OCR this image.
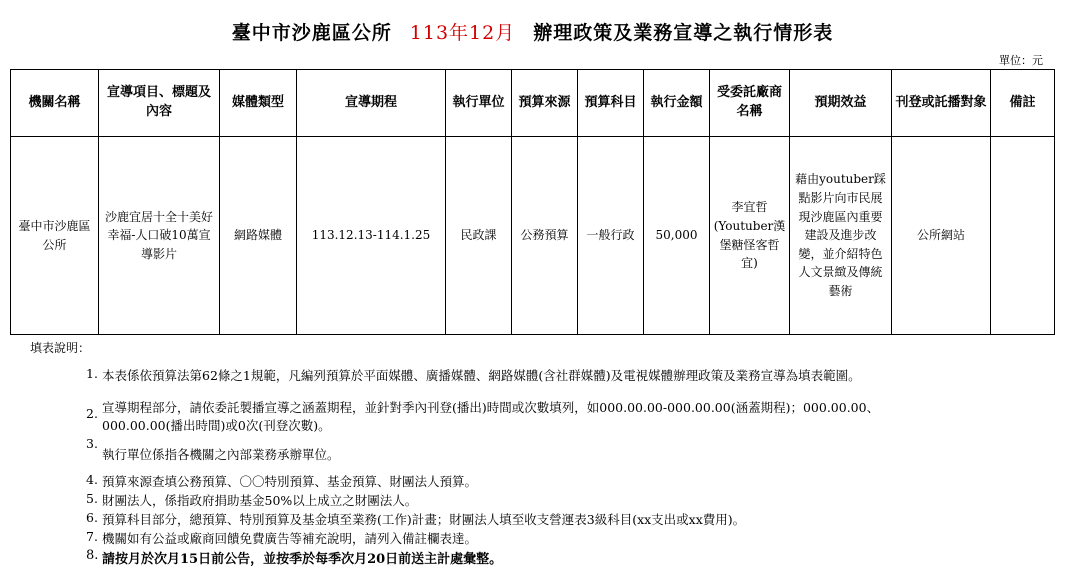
臺中市沙鹿區公所 113年12月 辦理政策及業務宣導之執行情形表
單位：元
機關名稱	宣導項目、標題及內容	媒體類型	宣導期程	執行單位	預算來源	預算科目	執行金額	受委託廠商名稱	預期效益	刊登或託播對象	備註
臺中市沙鹿區公所	沙鹿宜居十全十美好幸福-人口破10萬宣導影片	網路媒體	113.12.13-114.1.25	民政課	公務預算	一般行政	50,000	李宜哲(Youtuber漢堡糖怪客哲宜)	藉由youtuber踩點影片向市民展現沙鹿區內重要建設及進步改變，並介紹特色人文景緻及傳統藝術	公所網站	
填表說明：
1. 本表係依預算法第62條之1規範，凡編列預算於平面媒體、廣播媒體、網路媒體(含社群媒體)及電視媒體辦理政策及業務宣導為填表範圍。
2. 宣導期程部分，請依委託製播宣導之涵蓋期程，並針對季內刊登(播出)時間或次數填列，如000.00.00-000.00.00(涵蓋期程)；000.00.00、
000.00.00(播出時間)或0次(刊登次數)。
3.執行單位係指各機關之內部業務承辦單位。
4. 預算來源查填公務預算、〇〇特別預算、基金預算、財團法人預算。
5. 財團法人，係指政府捐助基金50%以上成立之財團法人。
6. 預算科目部分，總預算、特別預算及基金填至業務(工作)計畫；財團法人填至收支營運表3級科目(xx支出或xx費用)。
7. 機關如有公益或廠商回饋免費廣告等補充說明，請列入備註欄表達。
8. 請按月於次月15日前公告，並按季於每季次月20日前送主計處彙整。
